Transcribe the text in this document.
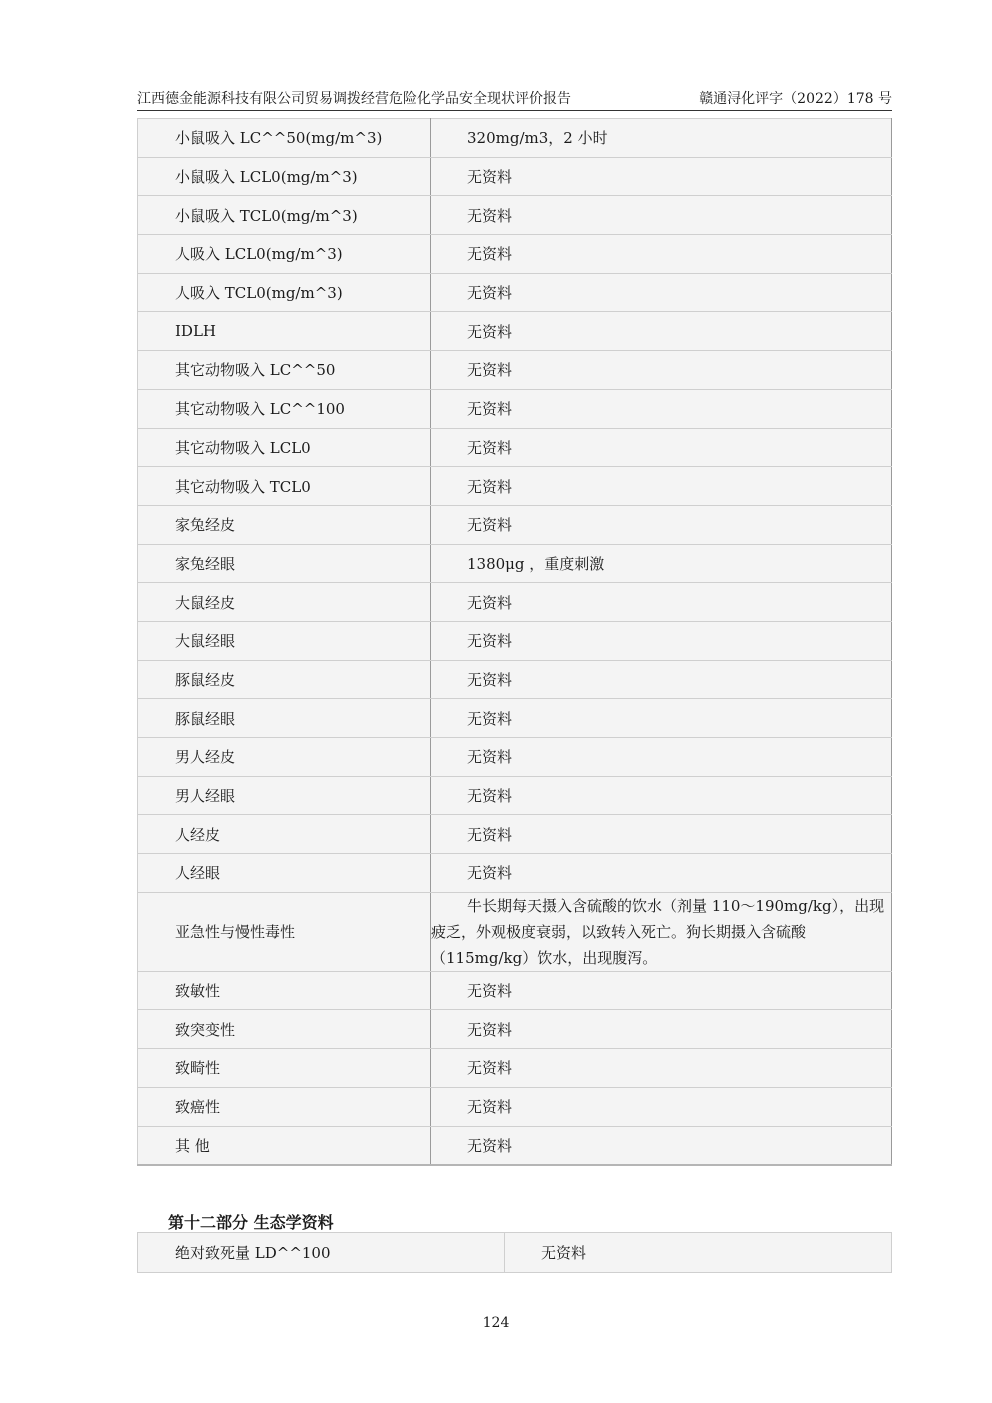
江西德金能源科技有限公司贸易调拨经营危险化学品安全现状评价报告	赣通浔化评字（2022）178 号
小鼠吸入 LC^^50(mg/m^3)	320mg/m3，2 小时
小鼠吸入 LCL0(mg/m^3)	无资料
小鼠吸入 TCL0(mg/m^3)	无资料
人吸入 LCL0(mg/m^3)	无资料
人吸入 TCL0(mg/m^3)	无资料
IDLH	无资料
其它动物吸入 LC^^50	无资料
其它动物吸入 LC^^100	无资料
其它动物吸入 LCL0	无资料
其它动物吸入 TCL0	无资料
家兔经皮	无资料
家兔经眼	1380μg ，重度刺激
大鼠经皮	无资料
大鼠经眼	无资料
豚鼠经皮	无资料
豚鼠经眼	无资料
男人经皮	无资料
男人经眼	无资料
人经皮	无资料
人经眼	无资料
亚急性与慢性毒性	牛长期每天摄入含硫酸的饮水（剂量 110～190mg/kg），出现
疲乏，外观极度衰弱，以致转入死亡。狗长期摄入含硫酸
（115mg/kg）饮水，出现腹泻。
致敏性	无资料
致突变性	无资料
致畸性	无资料
致癌性	无资料
其 他	无资料
第十二部分 生态学资料
绝对致死量 LD^^100	无资料
124
